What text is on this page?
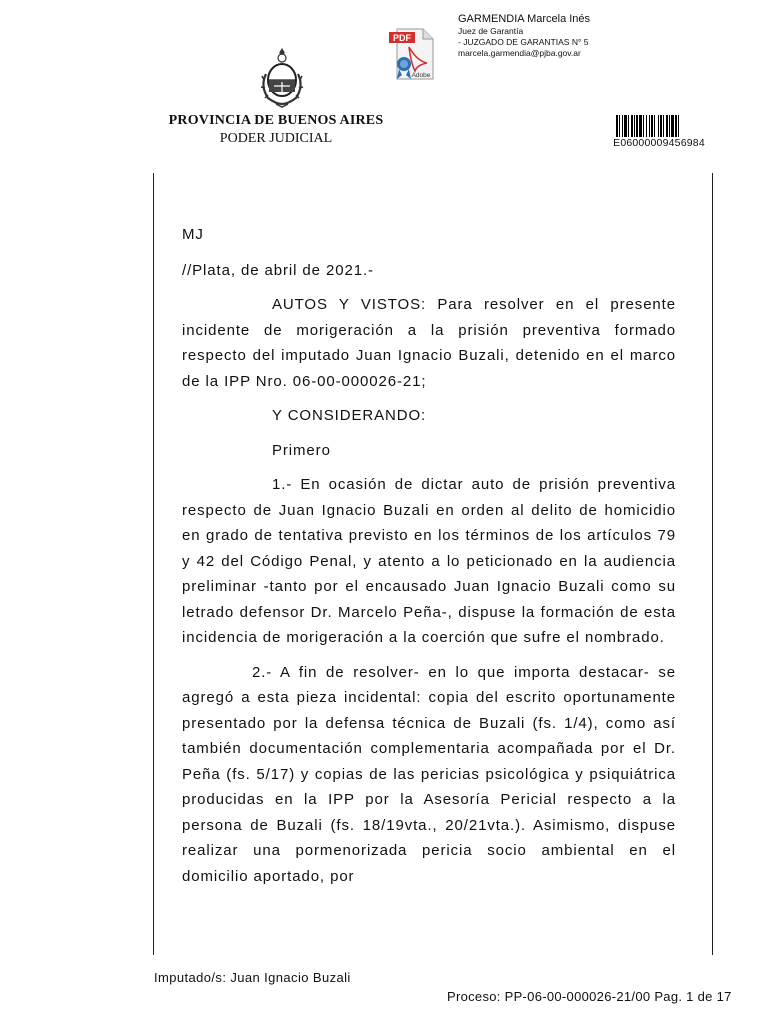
PROVINCIA DE BUENOS AIRES
PODER JUDICIAL
PDF
Adobe
GARMENDIA Marcela Inés
Juez de Garantía
- JUZGADO DE GARANTIAS N° 5
marcela.garmendia@pjba.gov.ar
E06000009456984

MJ

//Plata, de abril de 2021.-

AUTOS Y VISTOS: Para resolver en el presente incidente de morigeración a la prisión preventiva formado respecto del imputado Juan Ignacio Buzali, detenido en el marco de la IPP Nro. 06-00-000026-21;

Y CONSIDERANDO:

Primero

1.- En ocasión de dictar auto de prisión preventiva respecto de Juan Ignacio Buzali en orden al delito de homicidio en grado de tentativa previsto en los términos de los artículos 79 y 42 del Código Penal, y atento a lo peticionado en la audiencia preliminar -tanto por el encausado Juan Ignacio Buzali como su letrado defensor Dr. Marcelo Peña-, dispuse la formación de esta incidencia de morigeración a la coerción que sufre el nombrado.

2.- A fin de resolver- en lo que importa destacar- se agregó a esta pieza incidental: copia del escrito oportunamente presentado por la defensa técnica de Buzali (fs. 1/4), como así también documentación complementaria acompañada por el Dr. Peña (fs. 5/17) y copias de las pericias psicológica y psiquiátrica producidas en la IPP por la Asesoría Pericial respecto a la persona de Buzali (fs. 18/19vta., 20/21vta.). Asimismo, dispuse realizar una pormenorizada pericia socio ambiental en el domicilio aportado, por

Imputado/s: Juan Ignacio Buzali
Proceso: PP-06-00-000026-21/00 Pag. 1 de 17
